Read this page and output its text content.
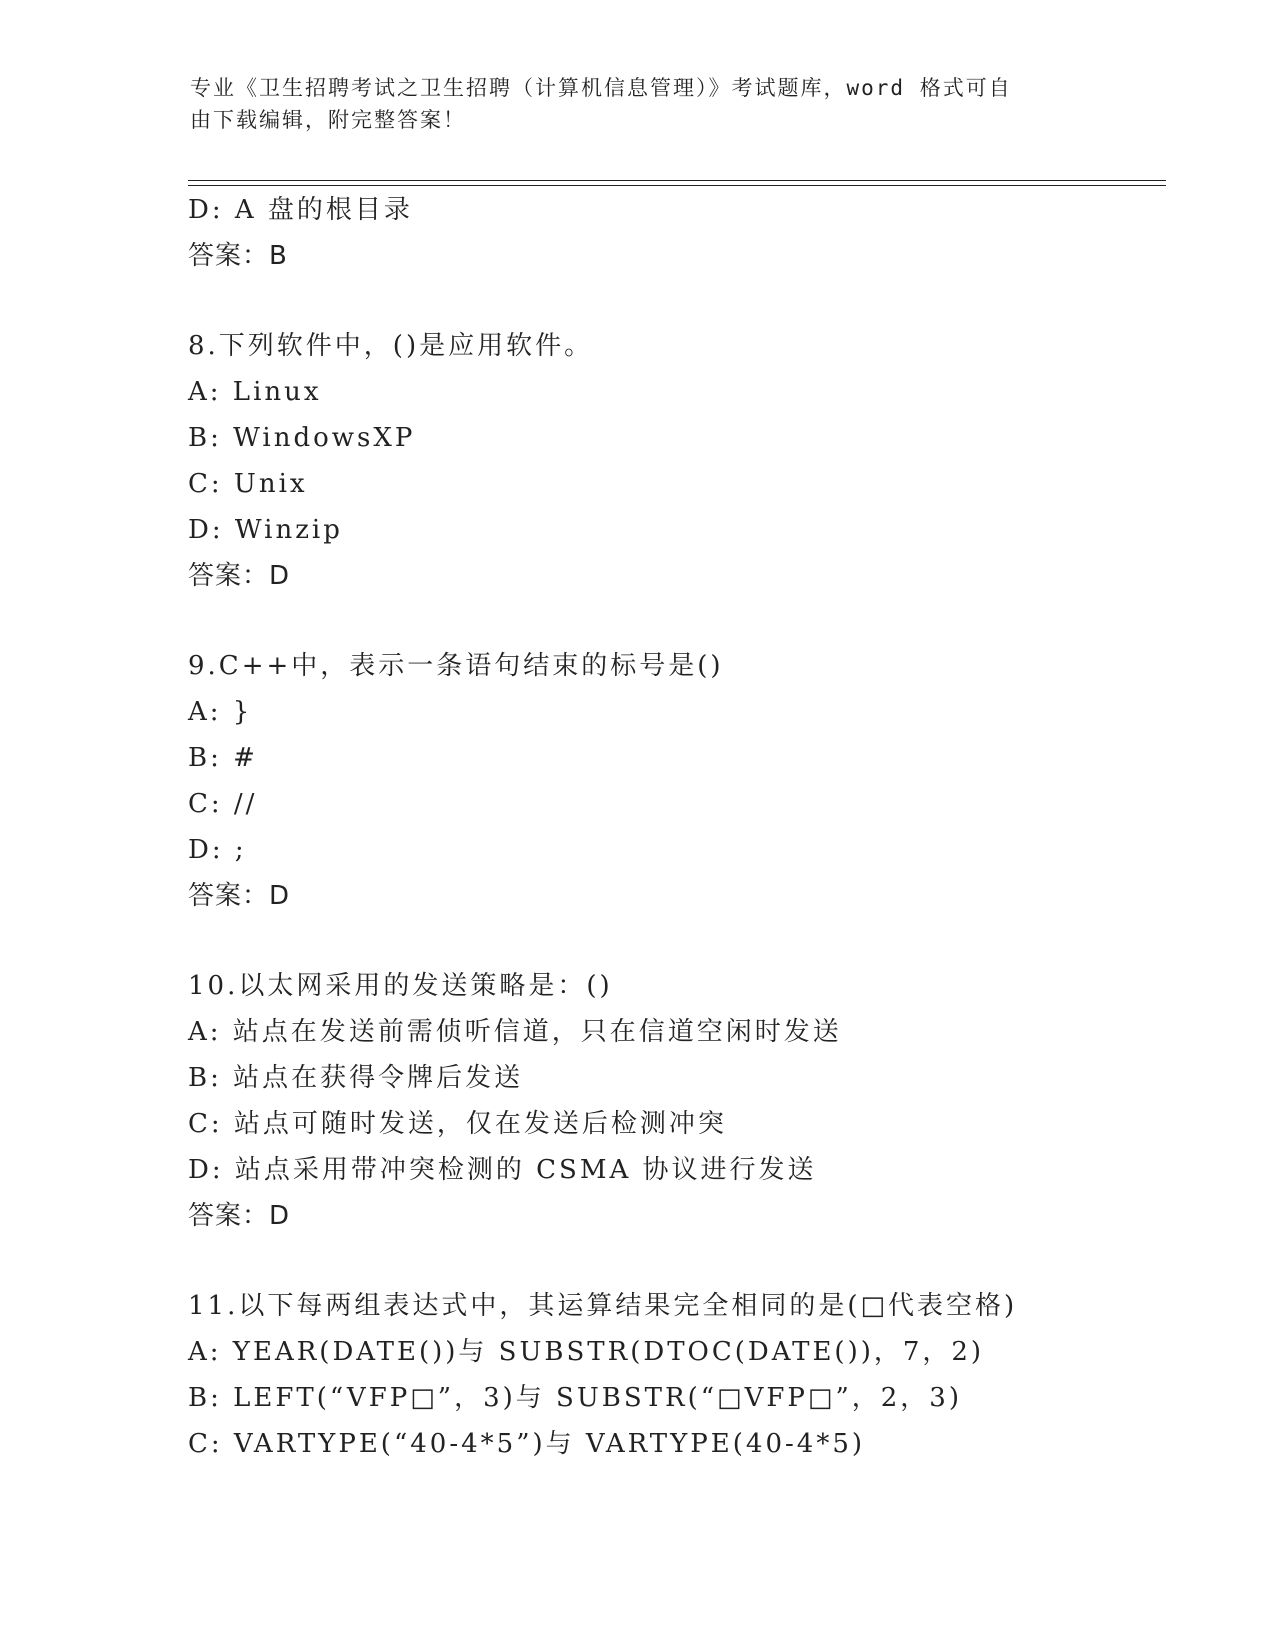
专业《卫生招聘考试之卫生招聘（计算机信息管理）》考试题库，word 格式可自
由下载编辑，附完整答案！
D: A 盘的根目录
答案：B
8.下列软件中，()是应用软件。
A: Linux
B: WindowsXP
C: Unix
D: Winzip
答案：D
9.C++中，表示一条语句结束的标号是()
A: }
B: #
C: //
D: ;
答案：D
10.以太网采用的发送策略是：()
A: 站点在发送前需侦听信道，只在信道空闲时发送
B: 站点在获得令牌后发送
C: 站点可随时发送，仅在发送后检测冲突
D: 站点采用带冲突检测的 CSMA 协议进行发送
答案：D
11.以下每两组表达式中，其运算结果完全相同的是(□代表空格)
A: YEAR(DATE())与 SUBSTR(DTOC(DATE())，7，2)
B: LEFT(“VFP□”，3)与 SUBSTR(“□VFP□”，2，3)
C: VARTYPE(“40-4*5”)与 VARTYPE(40-4*5)
